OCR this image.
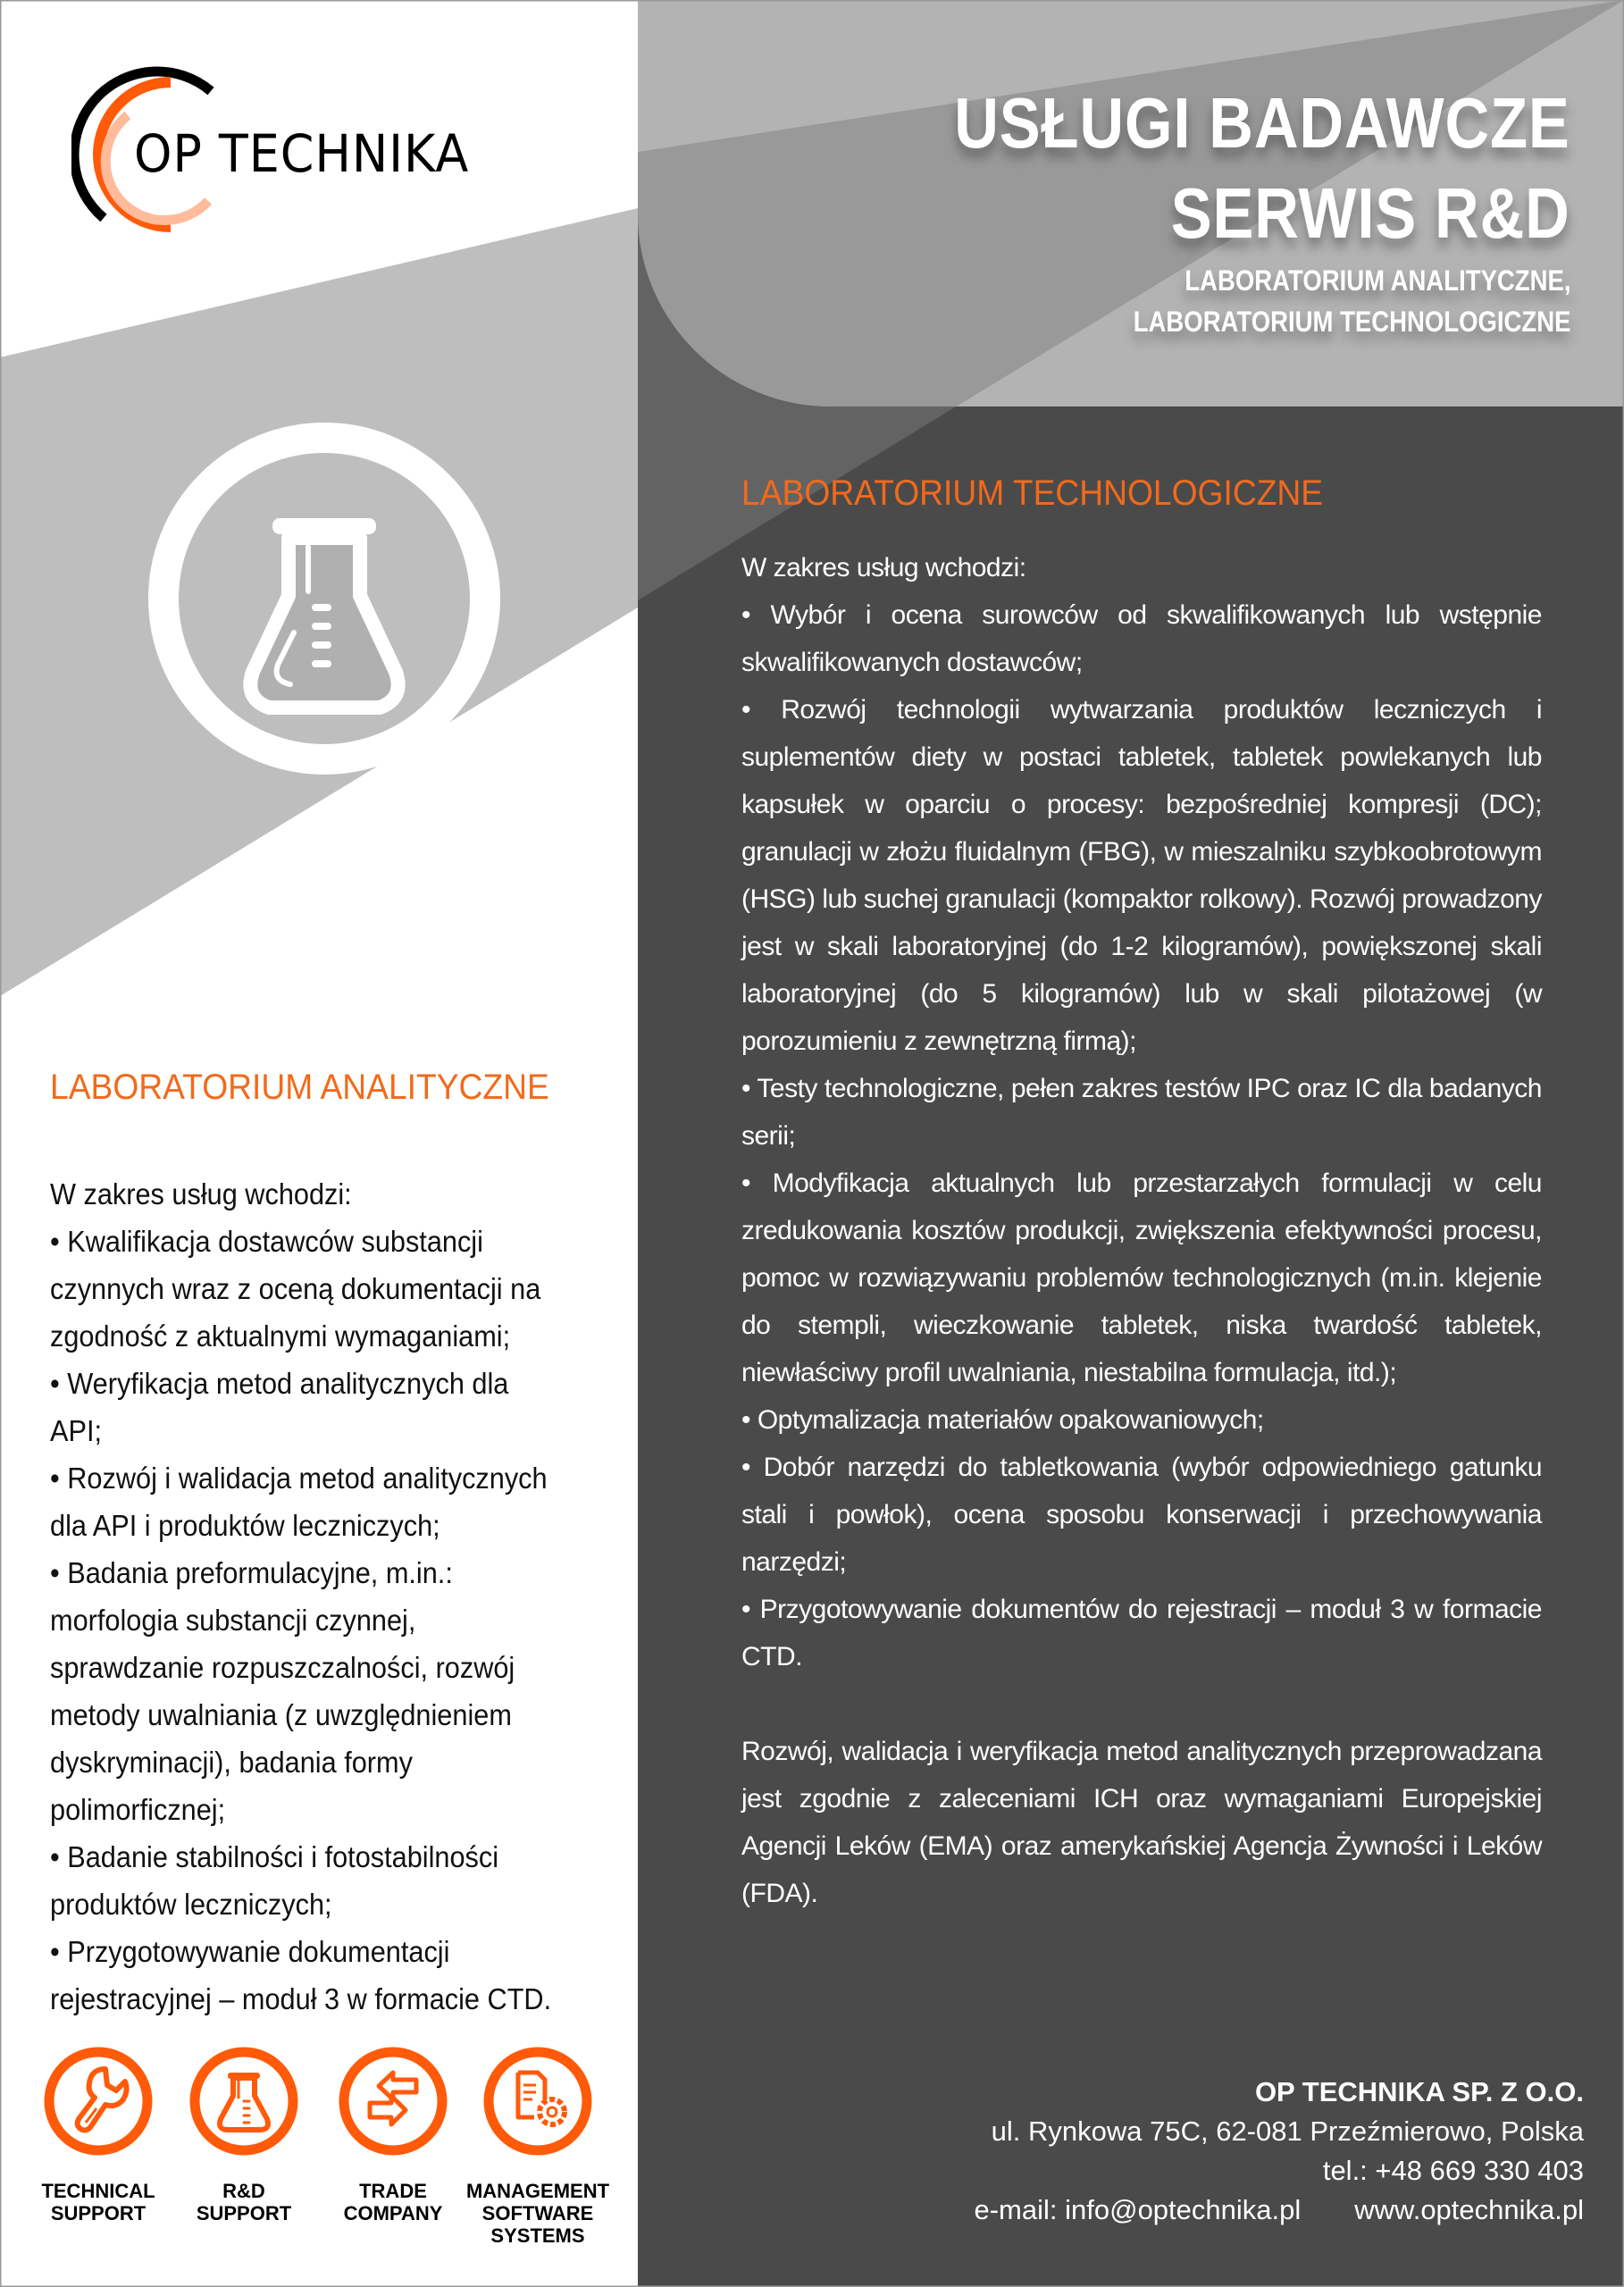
OP TECHNIKA	USŁUGI BADAWCZE
SERWIS R&D
LABORATORIUM ANALITYCZNE,
LABORATORIUM TECHNOLOGICZNE
LABORATORIUM ANALITYCZNE
W zakres usług wchodzi:
• Kwalifikacja dostawców substancji
czynnych wraz z oceną dokumentacji na
zgodność z aktualnymi wymaganiami;
• Weryfikacja metod analitycznych dla
API;
• Rozwój i walidacja metod analitycznych
dla API i produktów leczniczych;
• Badania preformulacyjne, m.in.:
morfologia substancji czynnej,
sprawdzanie rozpuszczalności, rozwój
metody uwalniania (z uwzględnieniem
dyskryminacji), badania formy
polimorficznej;
• Badanie stabilności i fotostabilności
produktów leczniczych;
• Przygotowywanie dokumentacji
rejestracyjnej – moduł 3 w formacie CTD.
LABORATORIUM TECHNOLOGICZNE

W zakres usług wchodzi:

• Wybór i ocena surowców od skwalifikowanych lub wstępnie skwalifikowanych dostawców;

• Rozwój technologii wytwarzania produktów leczniczych i suplementów diety w postaci tabletek, tabletek powlekanych lub kapsułek w oparciu o procesy: bezpośredniej kompresji (DC); granulacji w złożu fluidalnym (FBG), w mieszalniku szybkoobrotowym (HSG) lub suchej granulacji (kompaktor rolkowy). Rozwój prowadzony jest w skali laboratoryjnej (do 1-2 kilogramów), powiększonej skali laboratoryjnej (do 5 kilogramów) lub w skali pilotażowej (w porozumieniu z zewnętrzną firmą);

• Testy technologiczne, pełen zakres testów IPC oraz IC dla badanych serii;

• Modyfikacja aktualnych lub przestarzałych formulacji w celu zredukowania kosztów produkcji, zwiększenia efektywności procesu, pomoc w rozwiązywaniu problemów technologicznych (m.in. klejenie do stempli, wieczkowanie tabletek, niska twardość tabletek, niewłaściwy profil uwalniania, niestabilna formulacja, itd.);

• Optymalizacja materiałów opakowaniowych;

• Dobór narzędzi do tabletkowania (wybór odpowiedniego gatunku stali i powłok), ocena sposobu konserwacji i przechowywania narzędzi;

• Przygotowywanie dokumentów do rejestracji – moduł 3 w formacie CTD.

Rozwój, walidacja i weryfikacja metod analitycznych przeprowadzana jest zgodnie z zaleceniami ICH oraz wymaganiami Europejskiej Agencji Leków (EMA) oraz amerykańskiej Agencja Żywności i Leków (FDA).

OP TECHNIKA SP. Z O.O.
ul. Rynkowa 75C, 62-081 Przeźmierowo, Polska
tel.: +48 669 330 403
e-mail: info@optechnika.pl www.optechnika.pl
TECHNICAL
SUPPORT
R&D
SUPPORT
TRADE
COMPANY
MANAGEMENT
SOFTWARE
SYSTEMS
